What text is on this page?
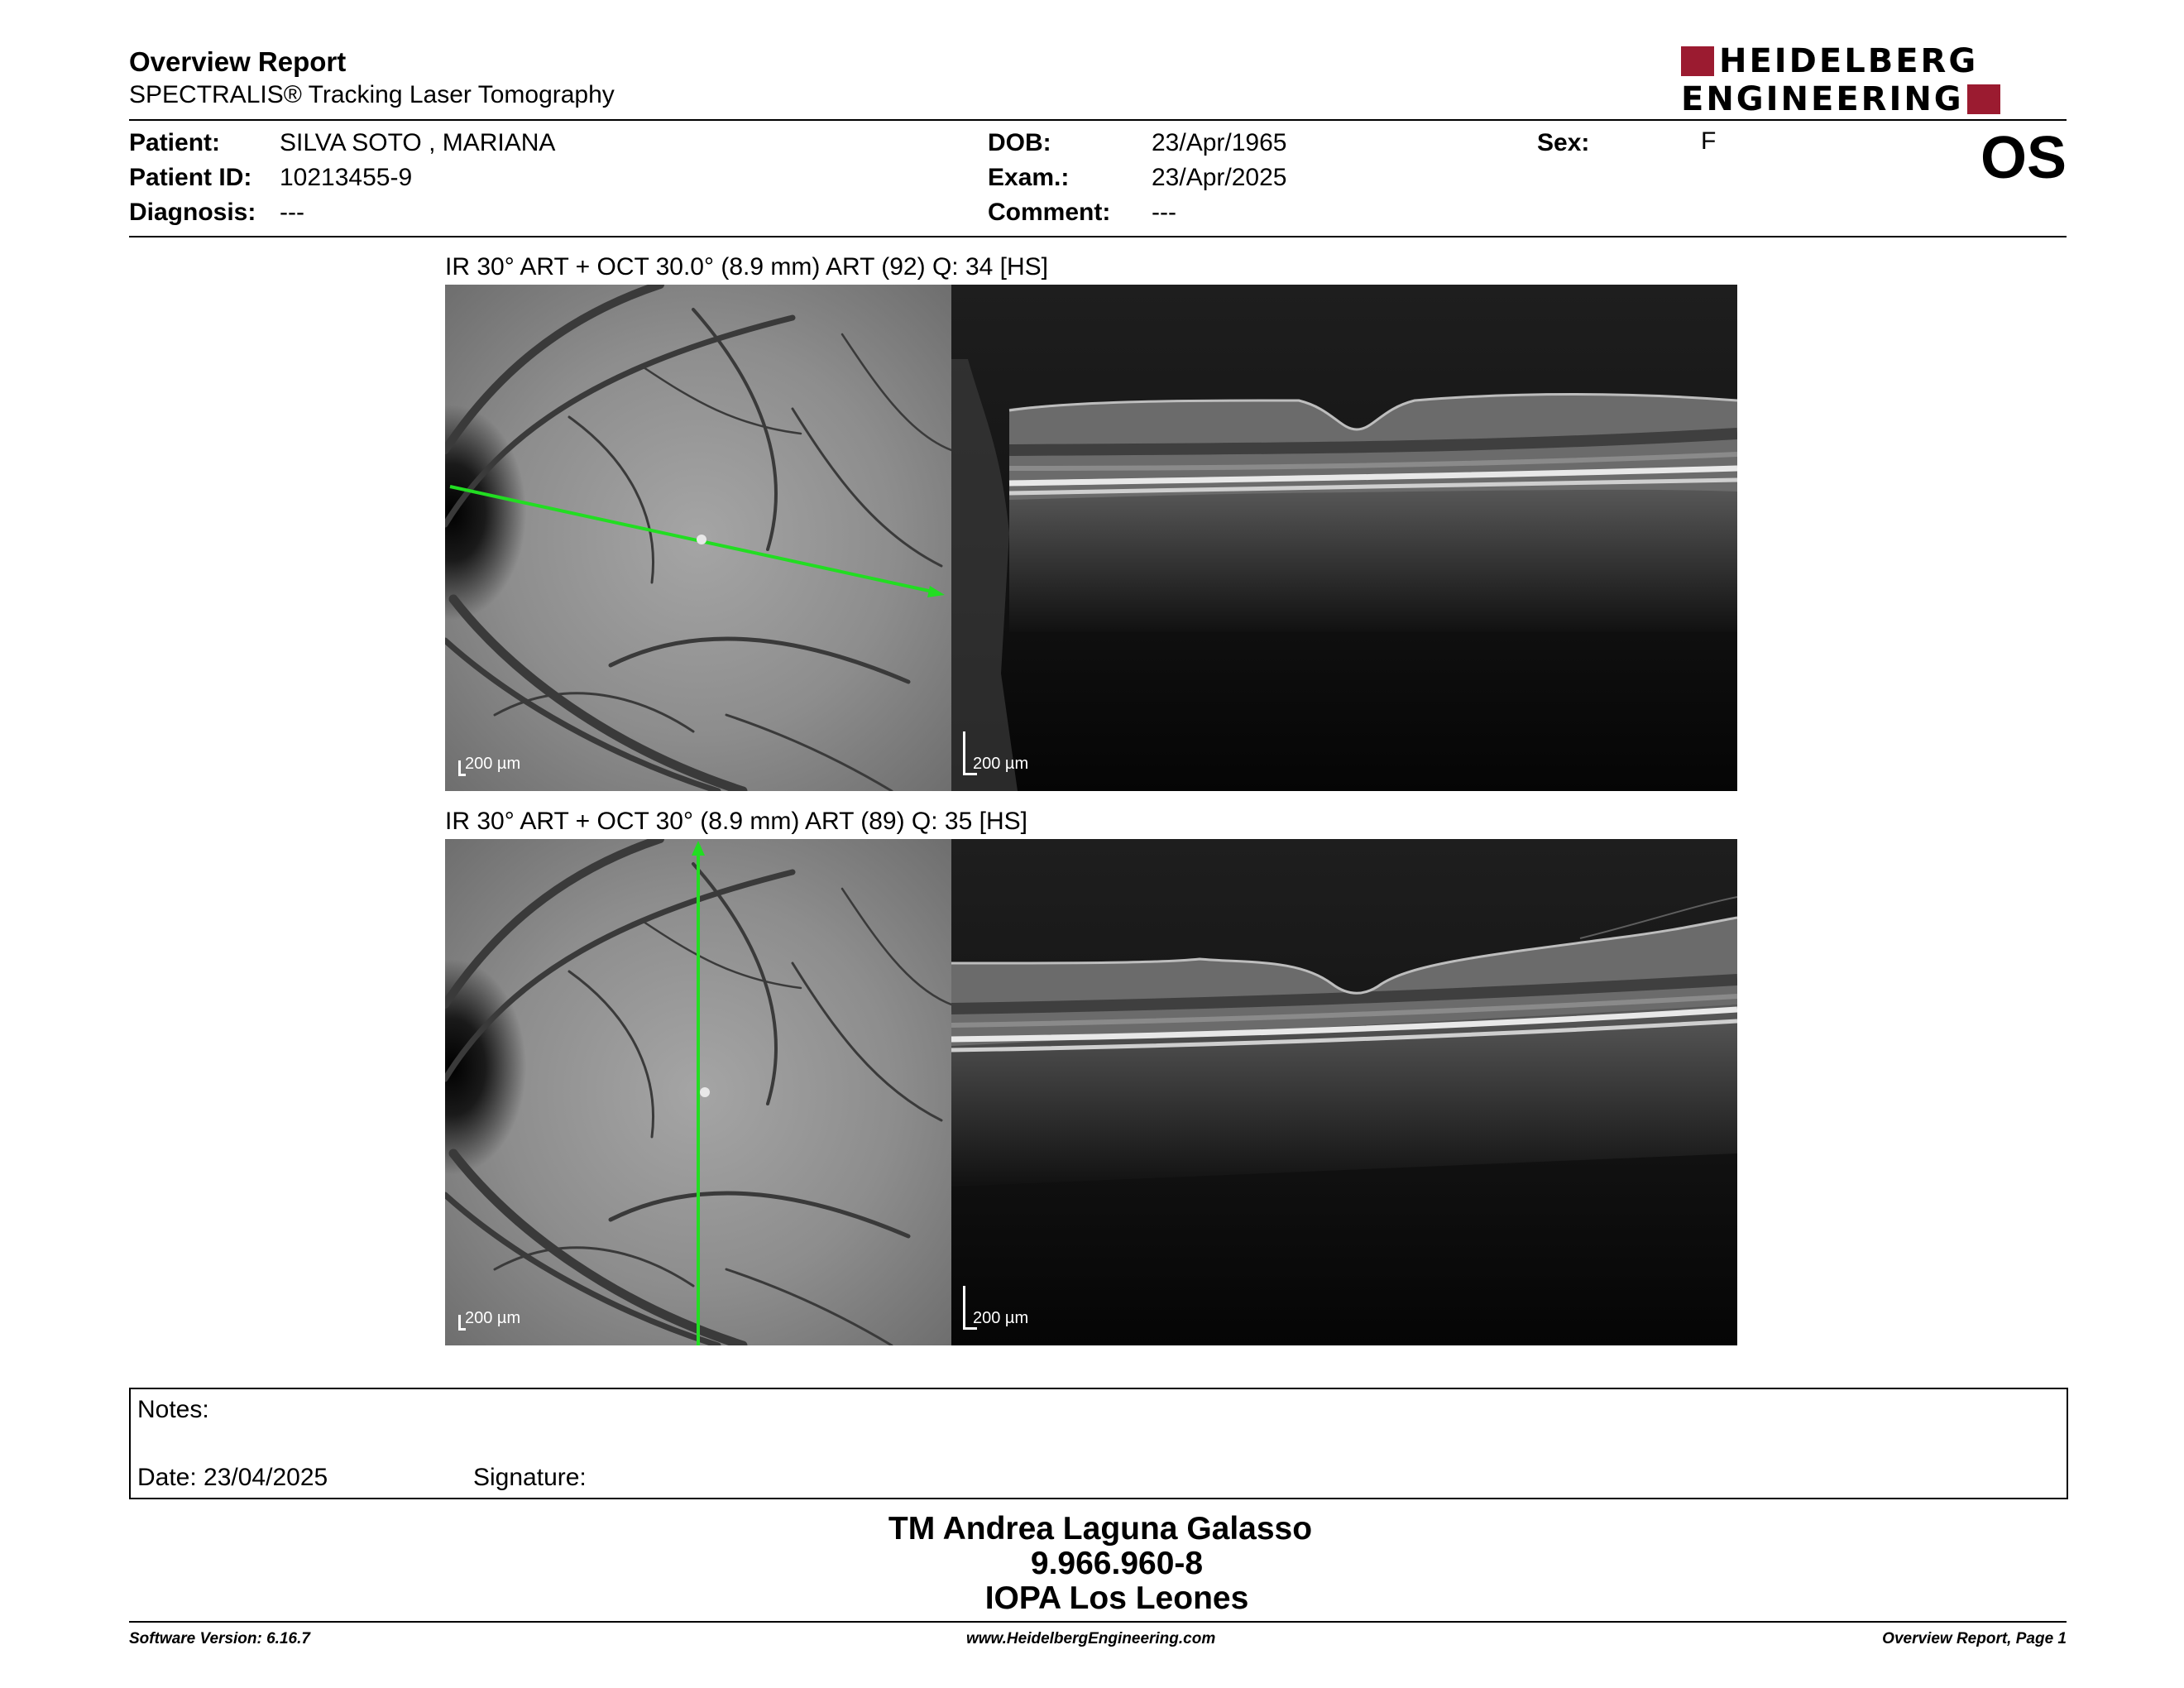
Overview Report
SPECTRALIS® Tracking Laser Tomography
HEIDELBERG
ENGINEERING
Patient: SILVA SOTO , MARIANA
Patient ID: 10213455-9
Diagnosis: ---
DOB:	23/Apr/1965
Exam.:	23/Apr/2025
Comment: ---
Sex:	F	OS
IR 30° ART + OCT 30.0° (8.9 mm) ART (92) Q: 34 [HS]
200 µm	200 µm
IR 30° ART + OCT 30° (8.9 mm) ART (89) Q: 35 [HS]
200 µm	200 µm
Notes:
Date: 23/04/2025	Signature:
TM Andrea Laguna Galasso
9.966.960-8
IOPA Los Leones
Software Version: 6.16.7	www.HeidelbergEngineering.com	Overview Report, Page 1
